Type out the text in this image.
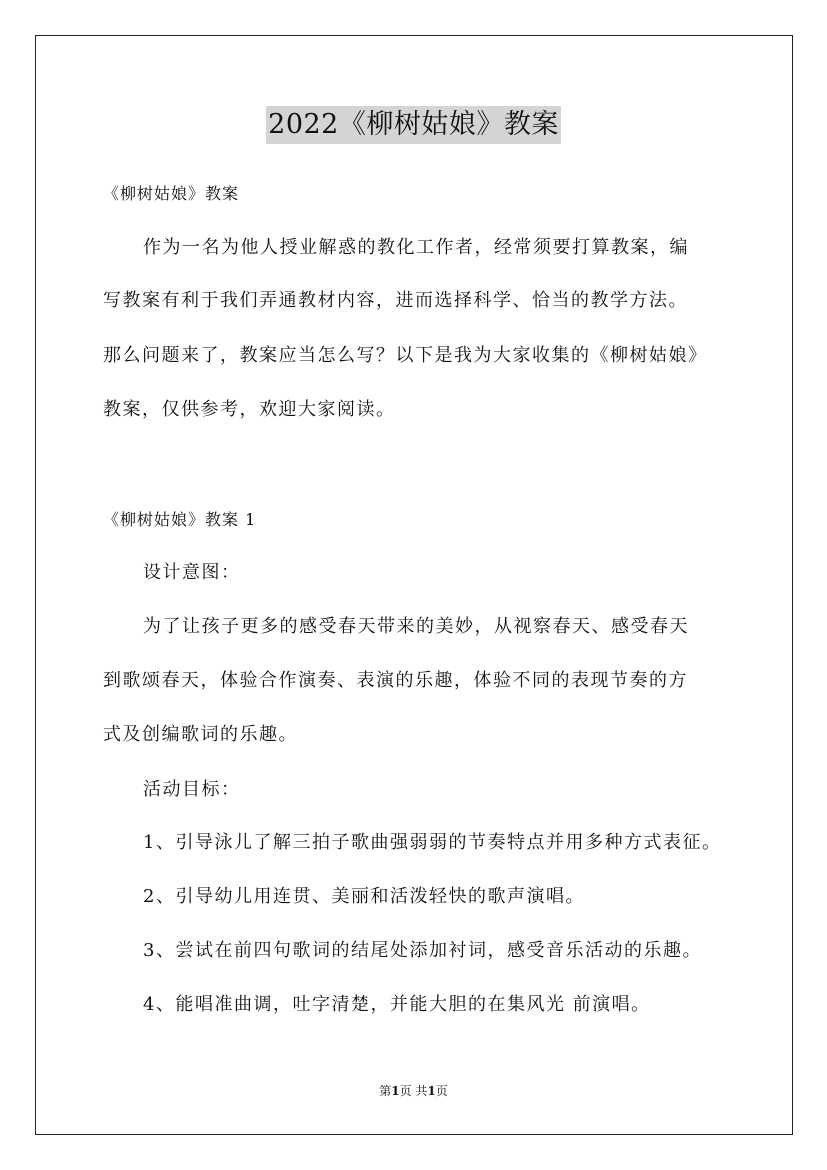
2022《柳树姑娘》教案
《柳树姑娘》教案
作为一名为他人授业解惑的教化工作者，经常须要打算教案，编
写教案有利于我们弄通教材内容，进而选择科学、恰当的教学方法。
那么问题来了，教案应当怎么写？以下是我为大家收集的《柳树姑娘》
教案，仅供参考，欢迎大家阅读。
《柳树姑娘》教案 1
设计意图：
为了让孩子更多的感受春天带来的美妙，从视察春天、感受春天
到歌颂春天，体验合作演奏、表演的乐趣，体验不同的表现节奏的方
式及创编歌词的乐趣。
活动目标：
1、引导泳儿了解三拍子歌曲强弱弱的节奏特点并用多种方式表征。
2、引导幼儿用连贯、美丽和活泼轻快的歌声演唱。
3、尝试在前四句歌词的结尾处添加衬词，感受音乐活动的乐趣。
4、能唱准曲调，吐字清楚，并能大胆的在集风光 前演唱。
第1页 共1页
